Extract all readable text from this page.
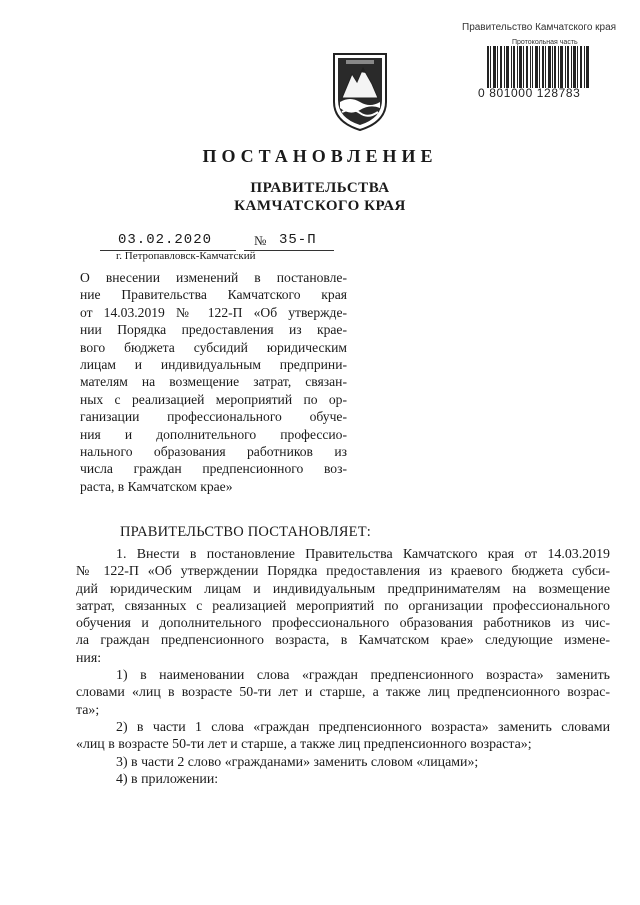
Правительство Камчатского края
Протокольная часть
0 801000 128783
ПОСТАНОВЛЕНИЕ
ПРАВИТЕЛЬСТВА
КАМЧАТСКОГО КРАЯ
03.02.2020	№ 35-П
г. Петропавловск-Камчатский
О внесении изменений в постановле-
ние Правительства Камчатского края
от 14.03.2019 № 122-П «Об утвержде-
нии Порядка предоставления из крае-
вого бюджета субсидий юридическим
лицам и индивидуальным предприни-
мателям на возмещение затрат, связан-
ных с реализацией мероприятий по ор-
ганизации профессионального обуче-
ния и дополнительного профессио-
нального образования работников из
числа граждан предпенсионного воз-
раста, в Камчатском крае»
ПРАВИТЕЛЬСТВО ПОСТАНОВЛЯЕТ:
1. Внести в постановление Правительства Камчатского края от 14.03.2019
№ 122-П «Об утверждении Порядка предоставления из краевого бюджета субси-
дий юридическим лицам и индивидуальным предпринимателям на возмещение
затрат, связанных с реализацией мероприятий по организации профессионального
обучения и дополнительного профессионального образования работников из чис-
ла граждан предпенсионного возраста, в Камчатском крае» следующие измене-
ния:
1) в наименовании слова «граждан предпенсионного возраста» заменить
словами «лиц в возрасте 50-ти лет и старше, а также лиц предпенсионного возрас-
та»;
2) в части 1 слова «граждан предпенсионного возраста» заменить словами
«лиц в возрасте 50-ти лет и старше, а также лиц предпенсионного возраста»;
3) в части 2 слово «гражданами» заменить словом «лицами»;
4) в приложении:
